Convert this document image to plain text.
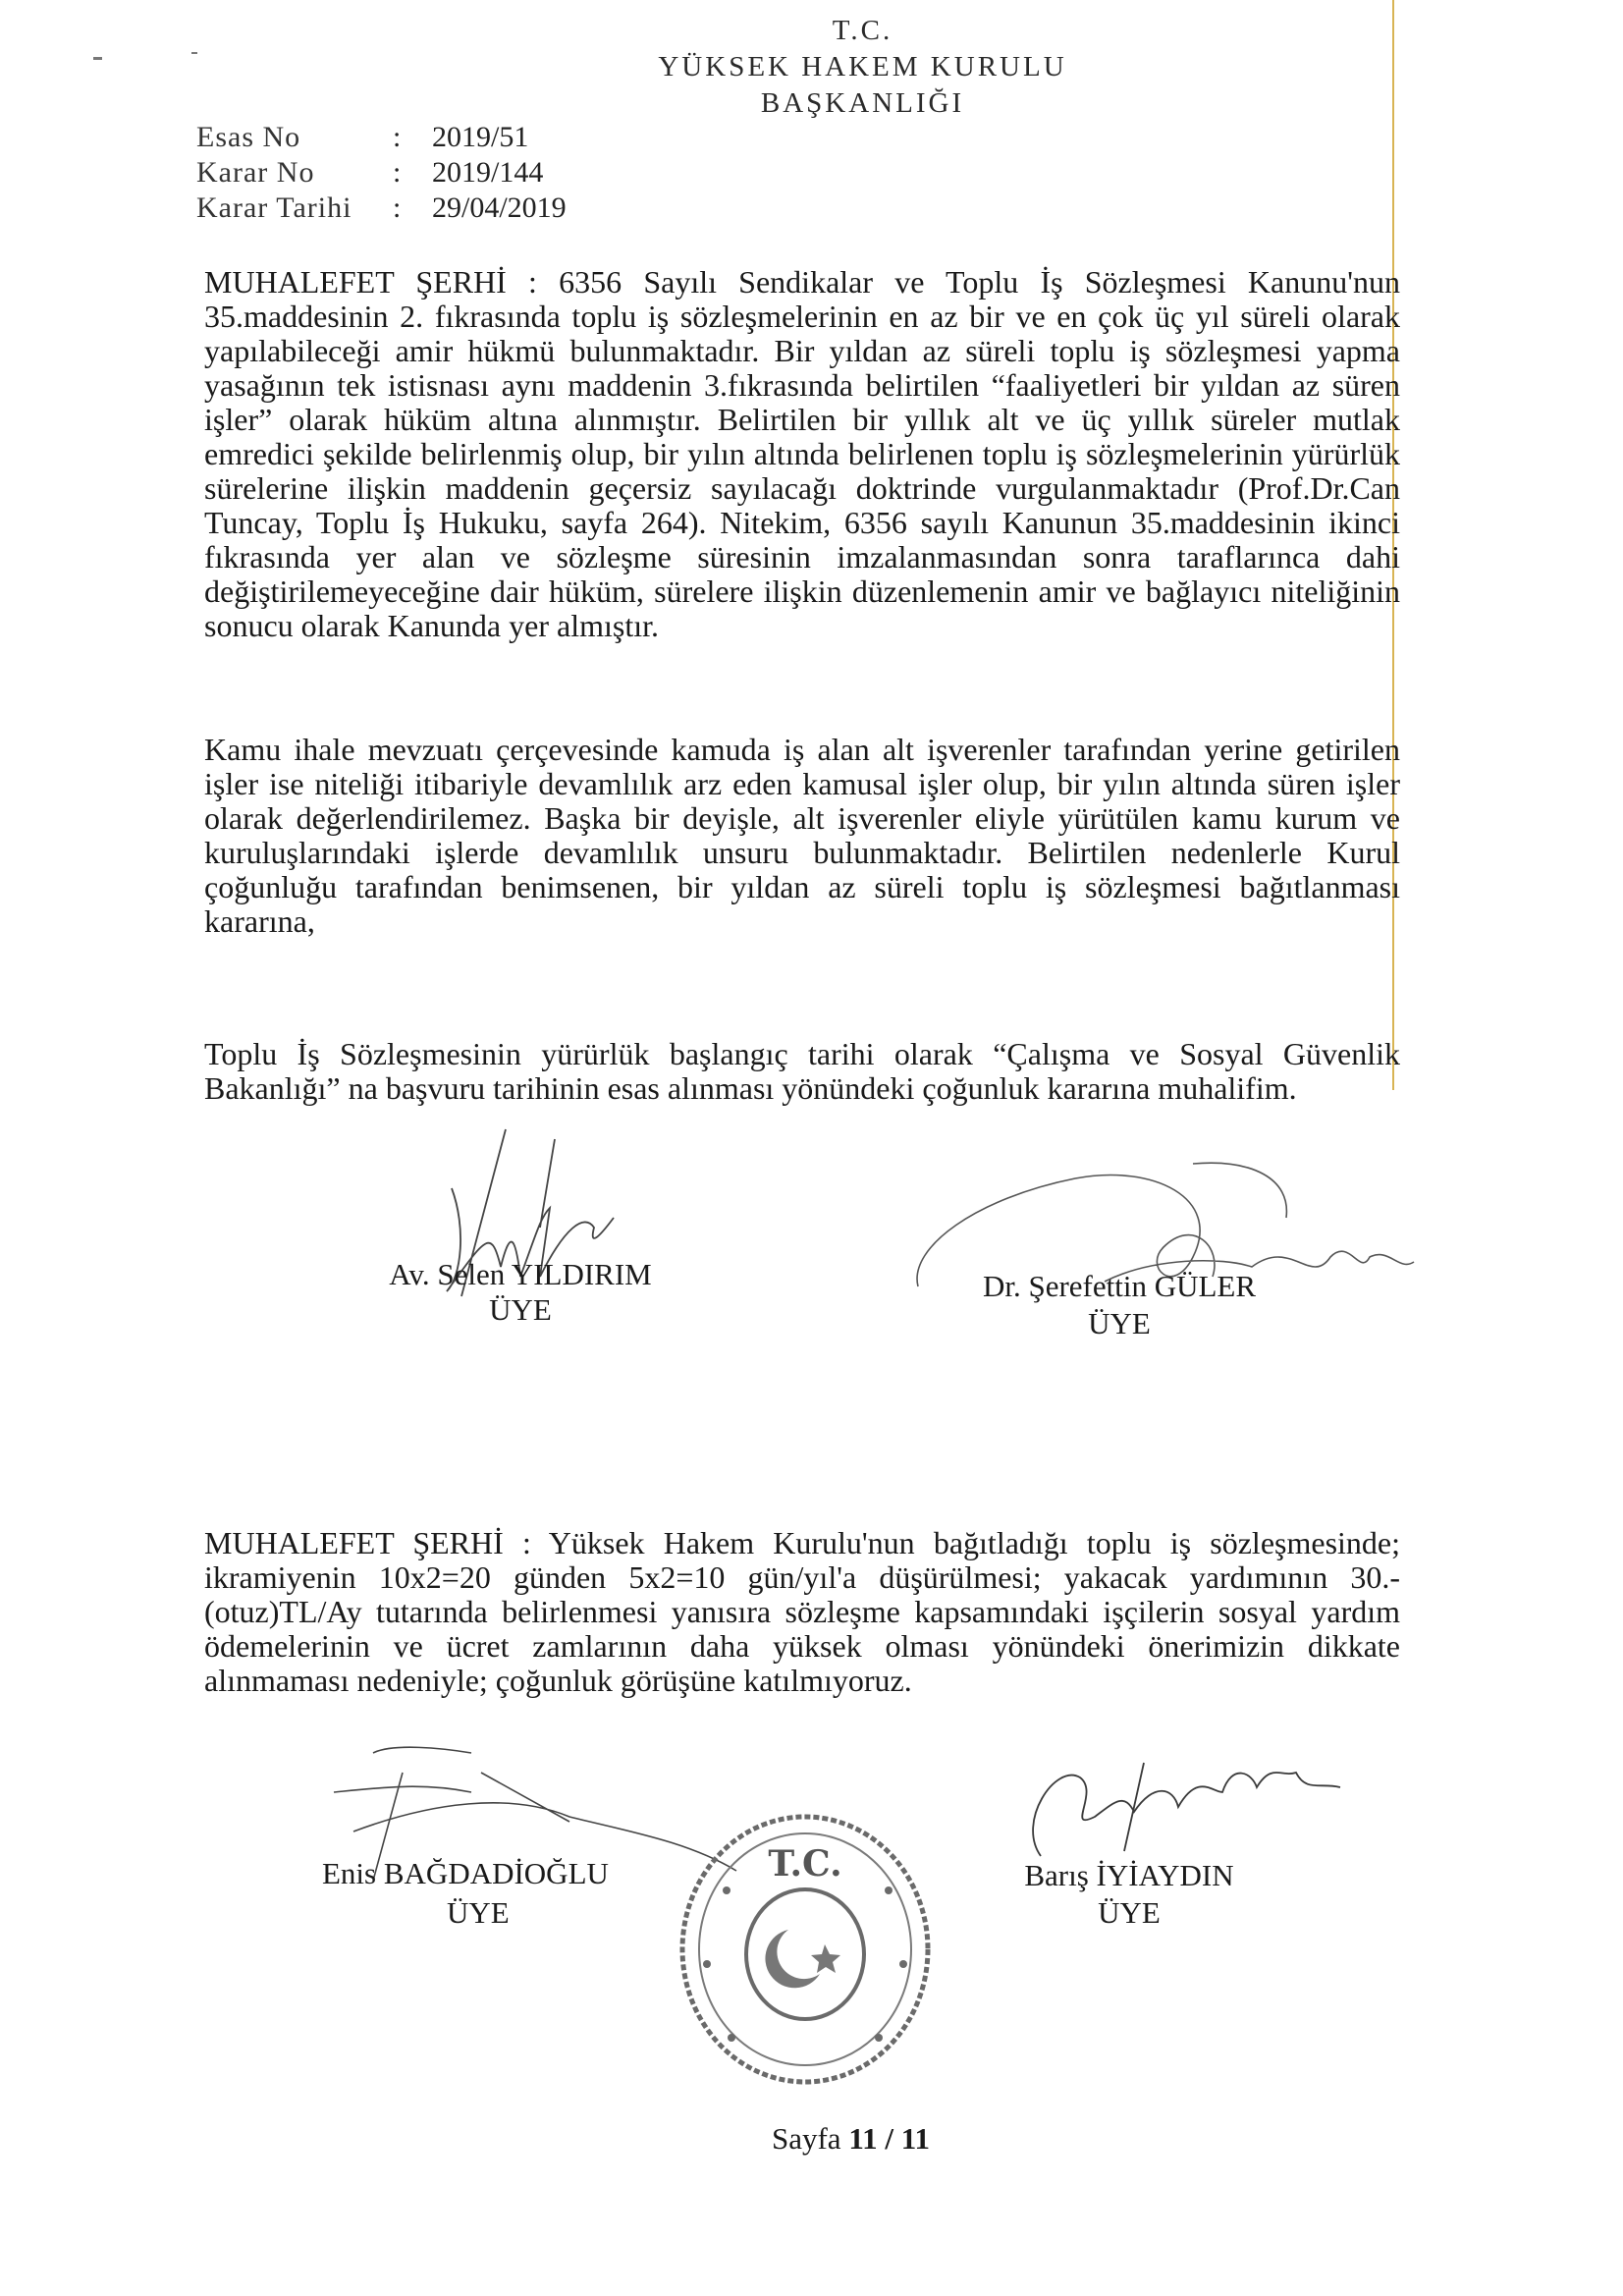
T.C.
YÜKSEK HAKEM KURULU
BAŞKANLIĞI
Esas No	: 2019/51
Karar No	: 2019/144
Karar Tarihi : 29/04/2019

MUHALEFET ŞERHİ : 6356 Sayılı Sendikalar ve Toplu İş Sözleşmesi Kanunu'nun 35.maddesinin 2. fıkrasında toplu iş sözleşmelerinin en az bir ve en çok üç yıl süreli olarak yapılabileceği amir hükmü bulunmaktadır. Bir yıldan az süreli toplu iş sözleşmesi yapma yasağının tek istisnası aynı maddenin 3.fıkrasında belirtilen “faaliyetleri bir yıldan az süren işler” olarak hüküm altına alınmıştır. Belirtilen bir yıllık alt ve üç yıllık süreler mutlak emredici şekilde belirlenmiş olup, bir yılın altında belirlenen toplu iş sözleşmelerinin yürürlük sürelerine ilişkin maddenin geçersiz sayılacağı doktrinde vurgulanmaktadır (Prof.Dr.Can Tuncay, Toplu İş Hukuku, sayfa 264). Nitekim, 6356 sayılı Kanunun 35.maddesinin ikinci fıkrasında yer alan ve sözleşme süresinin imzalanmasından sonra taraflarınca dahi değiştirilemeyeceğine dair hüküm, sürelere ilişkin düzenlemenin amir ve bağlayıcı niteliğinin sonucu olarak Kanunda yer almıştır.

Kamu ihale mevzuatı çerçevesinde kamuda iş alan alt işverenler tarafından yerine getirilen işler ise niteliği itibariyle devamlılık arz eden kamusal işler olup, bir yılın altında süren işler olarak değerlendirilemez. Başka bir deyişle, alt işverenler eliyle yürütülen kamu kurum ve kuruluşlarındaki işlerde devamlılık unsuru bulunmaktadır. Belirtilen nedenlerle Kurul çoğunluğu tarafından benimsenen, bir yıldan az süreli toplu iş sözleşmesi bağıtlanması kararına,

Toplu İş Sözleşmesinin yürürlük başlangıç tarihi olarak “Çalışma ve Sosyal Güvenlik Bakanlığı” na başvuru tarihinin esas alınması yönündeki çoğunluk kararına muhalifim.

Av. Selen YILDIRIM
ÜYE
Dr. Şerefettin GÜLER
ÜYE

MUHALEFET ŞERHİ : Yüksek Hakem Kurulu'nun bağıtladığı toplu iş sözleşmesinde; ikramiyenin 10x2=20 günden 5x2=10 gün/yıl'a düşürülmesi; yakacak yardımının 30.-(otuz)TL/Ay tutarında belirlenmesi yanısıra sözleşme kapsamındaki işçilerin sosyal yardım ödemelerinin ve ücret zamlarının daha yüksek olması yönündeki önerimizin dikkate alınmaması nedeniyle; çoğunluk görüşüne katılmıyoruz.

T.C.
Enis BAĞDADİOĞLU
ÜYE
Barış İYİAYDIN
ÜYE
Sayfa 11 / 11
